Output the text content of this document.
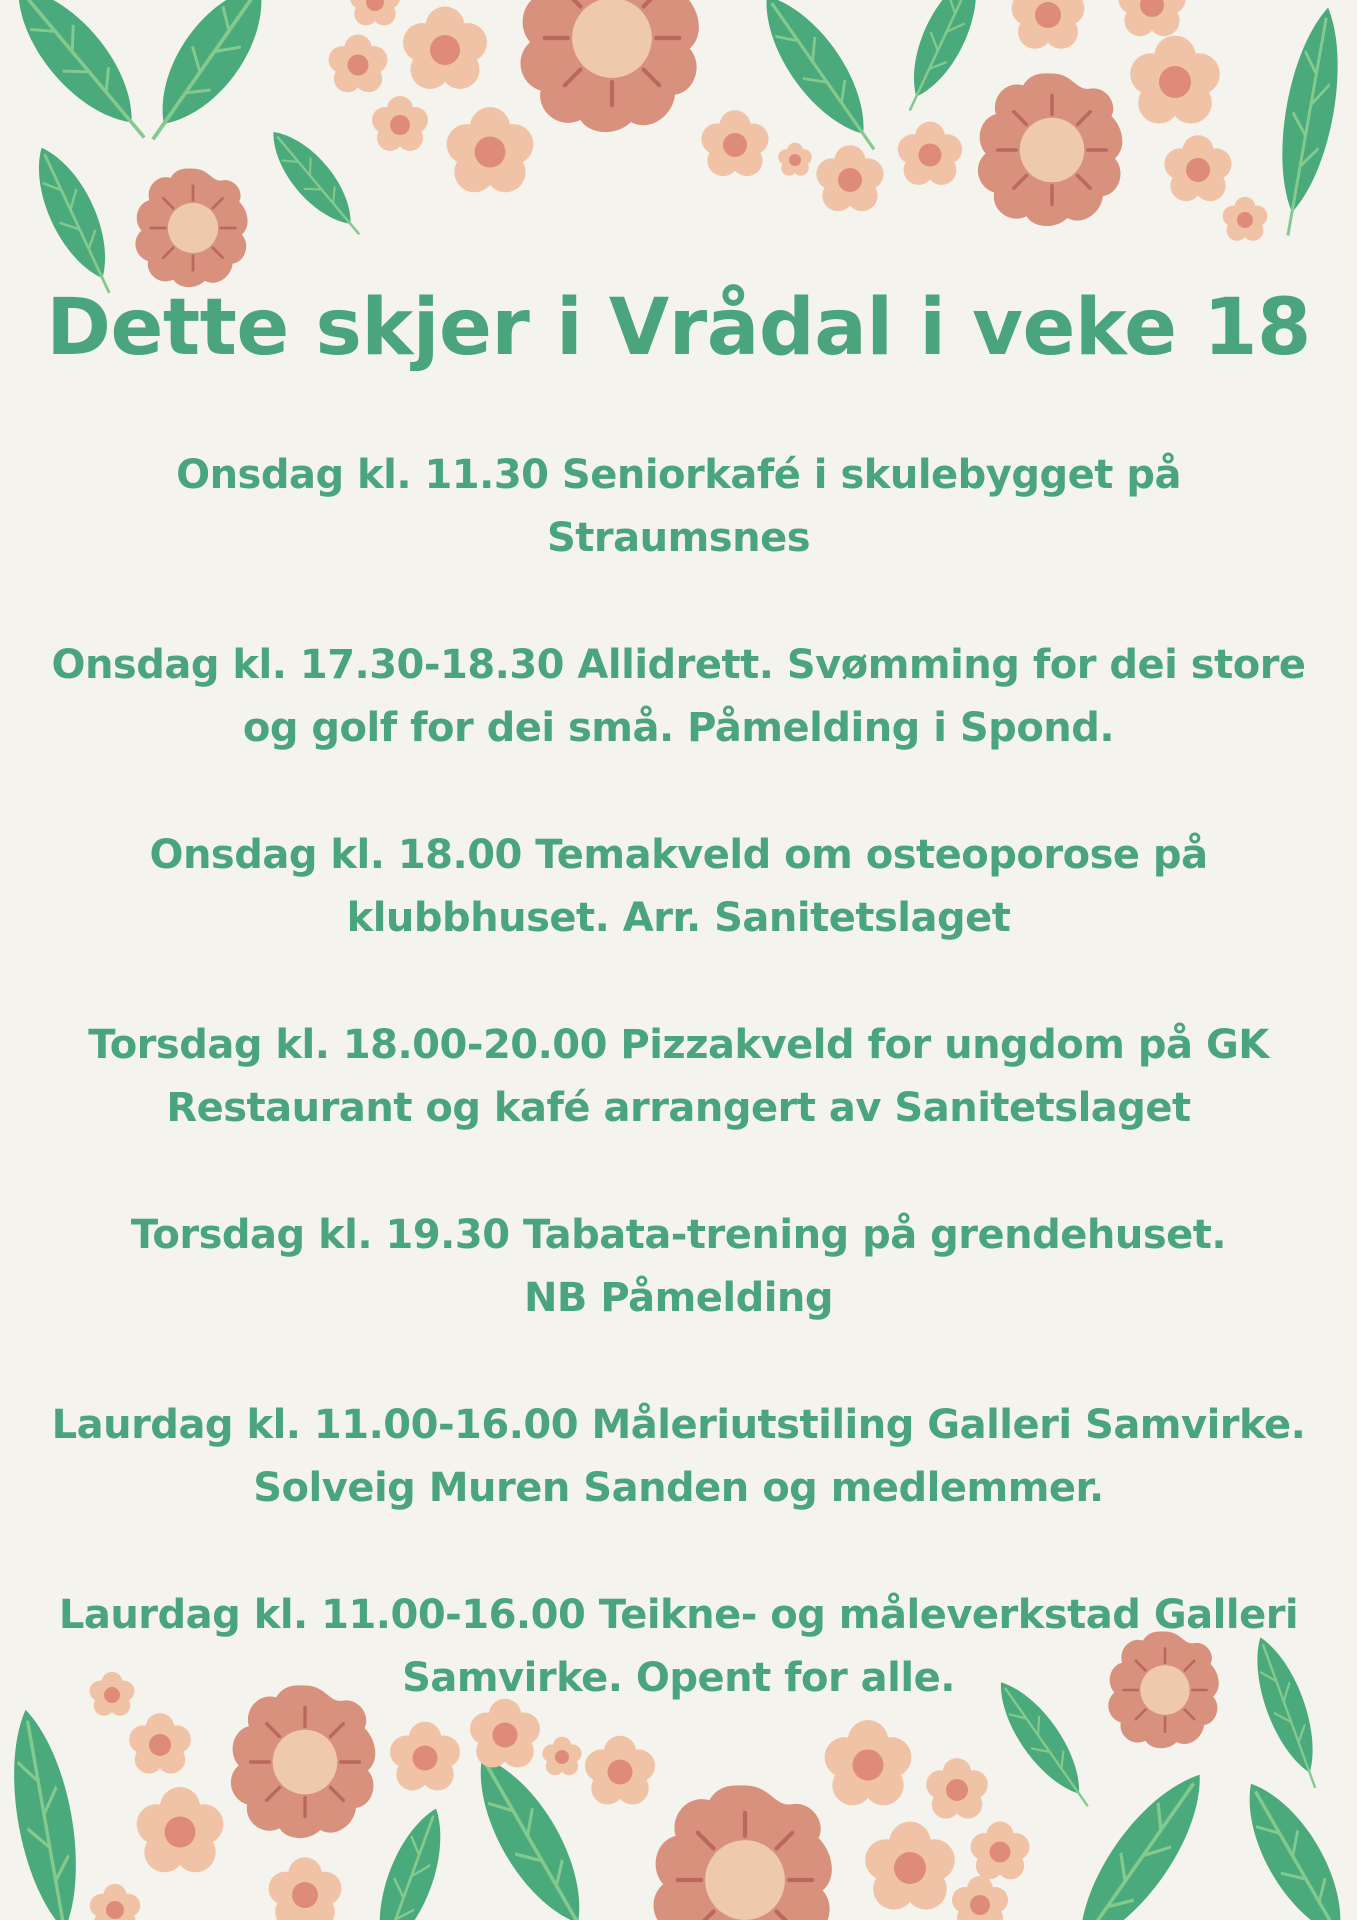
Dette skjer i Vrådal i veke 18
Onsdag kl. 11.30 Seniorkafé i skulebygget på
Straumsnes
Onsdag kl. 17.30-18.30 Allidrett. Svømming for dei store
og golf for dei små. Påmelding i Spond.
Onsdag kl. 18.00 Temakveld om osteoporose på
klubbhuset. Arr. Sanitetslaget
Torsdag kl. 18.00-20.00 Pizzakveld for ungdom på GK
Restaurant og kafé arrangert av Sanitetslaget
Torsdag kl. 19.30 Tabata-trening på grendehuset.
NB Påmelding
Laurdag kl. 11.00-16.00 Måleriutstiling Galleri Samvirke.
Solveig Muren Sanden og medlemmer.
Laurdag kl. 11.00-16.00 Teikne- og måleverkstad Galleri
Samvirke. Opent for alle.
